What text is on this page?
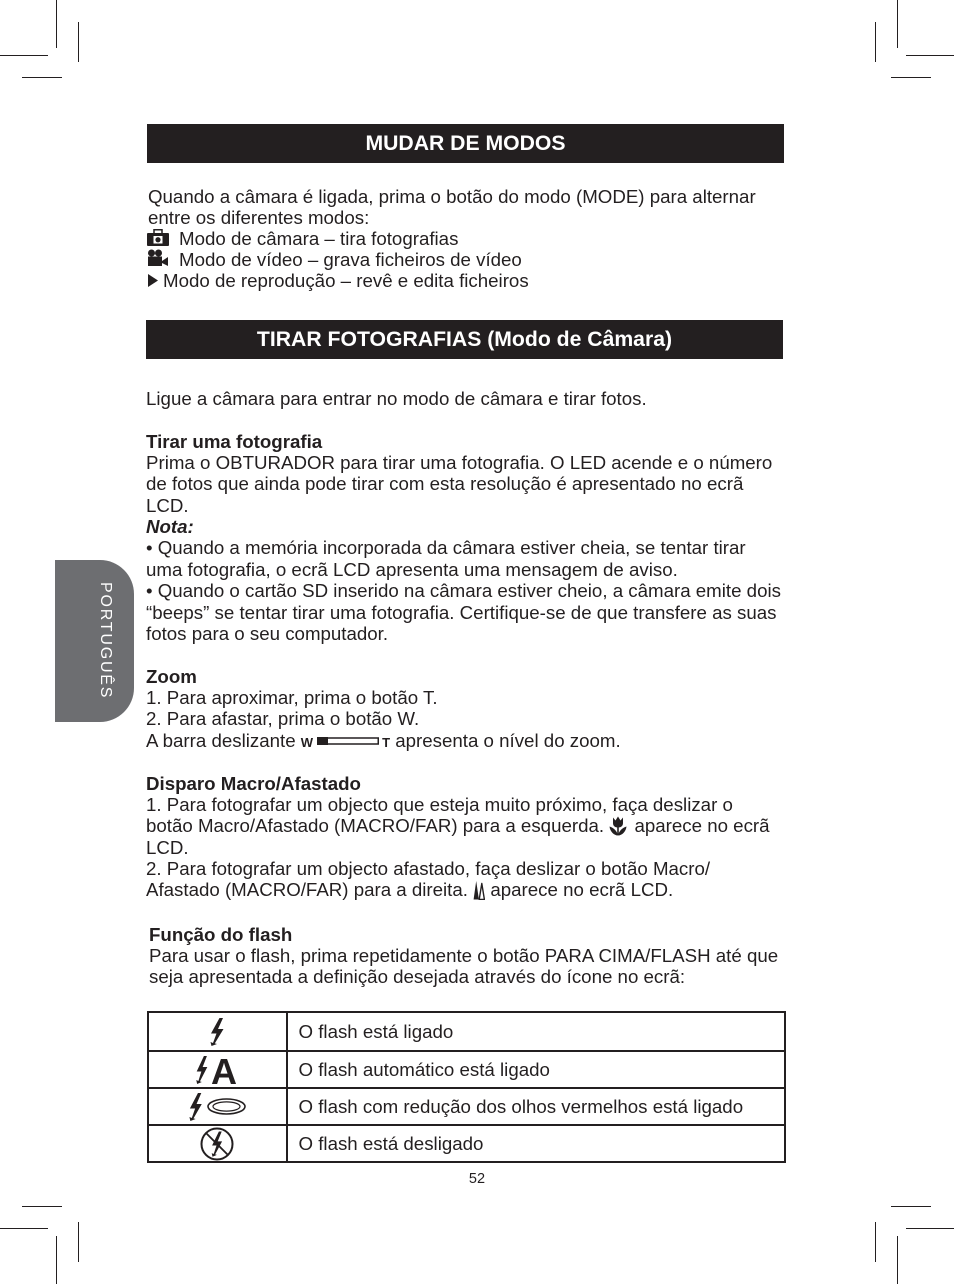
MUDAR DE MODOS
Quando a câmara é ligada, prima o botão do modo (MODE) para alternar
entre os diferentes modos:
Modo de câmara – tira fotografias
Modo de vídeo – grava ficheiros de vídeo
Modo de reprodução – revê e edita ficheiros
TIRAR FOTOGRAFIAS (Modo de Câmara)
Ligue a câmara para entrar no modo de câmara e tirar fotos.
Tirar uma fotografia
Prima o OBTURADOR para tirar uma fotografia. O LED acende e o número
de fotos que ainda pode tirar com esta resolução é apresentado no ecrã
LCD.
Nota:
• Quando a memória incorporada da câmara estiver cheia, se tentar tirar
uma fotografia, o ecrã LCD apresenta uma mensagem de aviso.
• Quando o cartão SD inserido na câmara estiver cheio, a câmara emite dois
“beeps” se tentar tirar uma fotografia. Certifique-se de que transfere as suas
fotos para o seu computador.
Zoom
1. Para aproximar, prima o botão T.
2. Para afastar, prima o botão W.
A barra deslizante W	T apresenta o nível do zoom.
Disparo Macro/Afastado
1. Para fotografar um objecto que esteja muito próximo, faça deslizar o
botão Macro/Afastado (MACRO/FAR) para a esquerda. aparece no ecrã
LCD.
2. Para fotografar um objecto afastado, faça deslizar o botão Macro/
Afastado (MACRO/FAR) para a direita. aparece no ecrã LCD.
Função do flash
Para usar o flash, prima repetidamente o botão PARA CIMA/FLASH até que
seja apresentada a definição desejada através do ícone no ecrã:
O flash está ligado
A	O flash automático está ligado
O flash com redução dos olhos vermelhos está ligado
O flash está desligado
PORTUGUÊS
52
